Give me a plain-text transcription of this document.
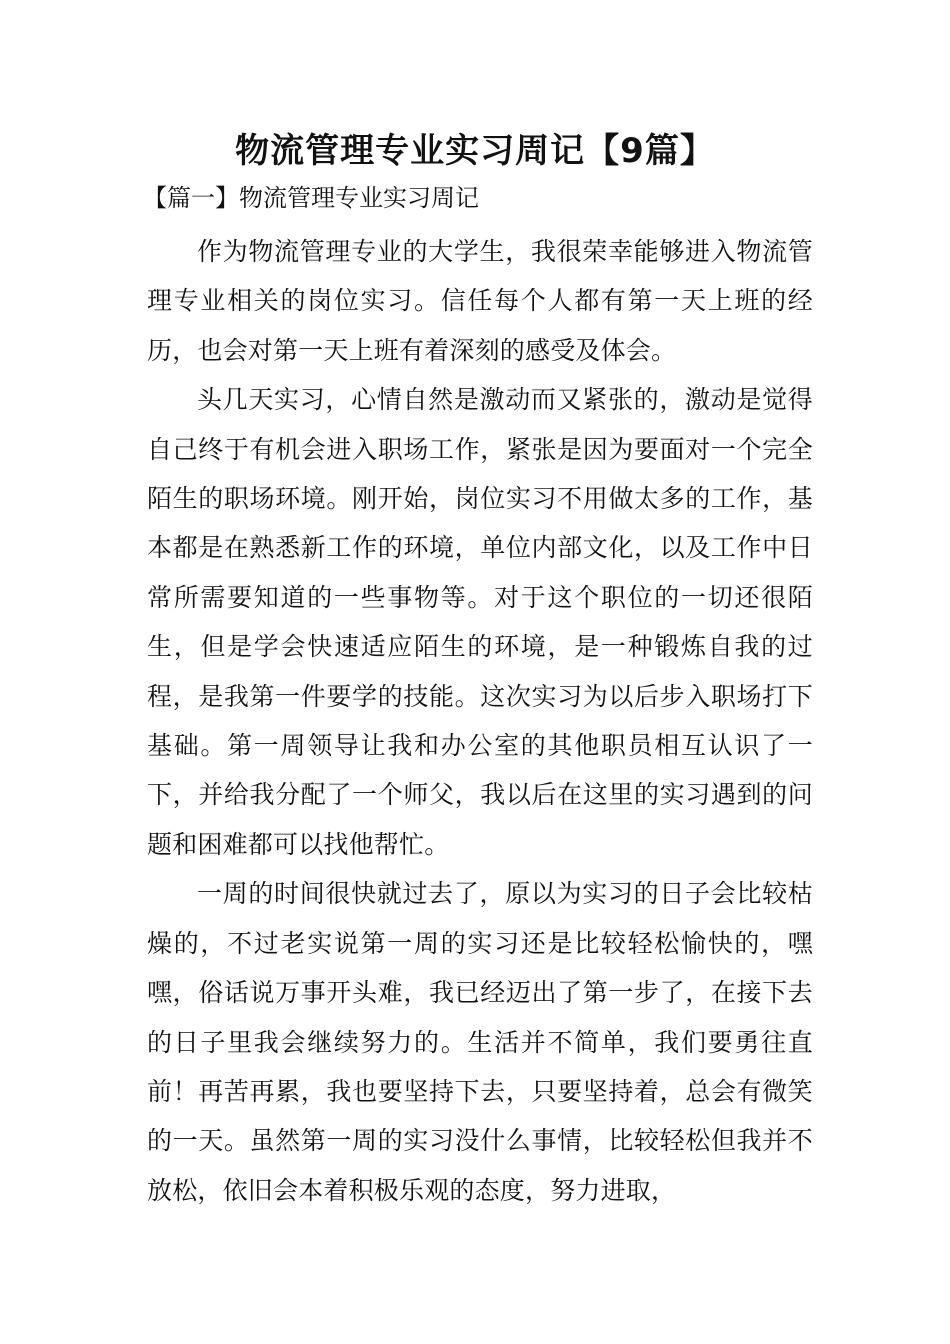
物流管理专业实习周记【9篇】
【篇一】物流管理专业实习周记

作为物流管理专业的大学生，我很荣幸能够进入物流管理专业相关的岗位实习。信任每个人都有第一天上班的经历，也会对第一天上班有着深刻的感受及体会。

头几天实习，心情自然是激动而又紧张的，激动是觉得自己终于有机会进入职场工作，紧张是因为要面对一个完全陌生的职场环境。刚开始，岗位实习不用做太多的工作，基本都是在熟悉新工作的环境，单位内部文化，以及工作中日常所需要知道的一些事物等。对于这个职位的一切还很陌生，但是学会快速适应陌生的环境，是一种锻炼自我的过程，是我第一件要学的技能。这次实习为以后步入职场打下基础。第一周领导让我和办公室的其他职员相互认识了一下，并给我分配了一个师父，我以后在这里的实习遇到的问题和困难都可以找他帮忙。

一周的时间很快就过去了，原以为实习的日子会比较枯燥的，不过老实说第一周的实习还是比较轻松愉快的，嘿嘿，俗话说万事开头难，我已经迈出了第一步了，在接下去的日子里我会继续努力的。生活并不简单，我们要勇往直前！再苦再累，我也要坚持下去，只要坚持着，总会有微笑的一天。虽然第一周的实习没什么事情，比较轻松但我并不放松，依旧会本着积极乐观的态度，努力进取，
